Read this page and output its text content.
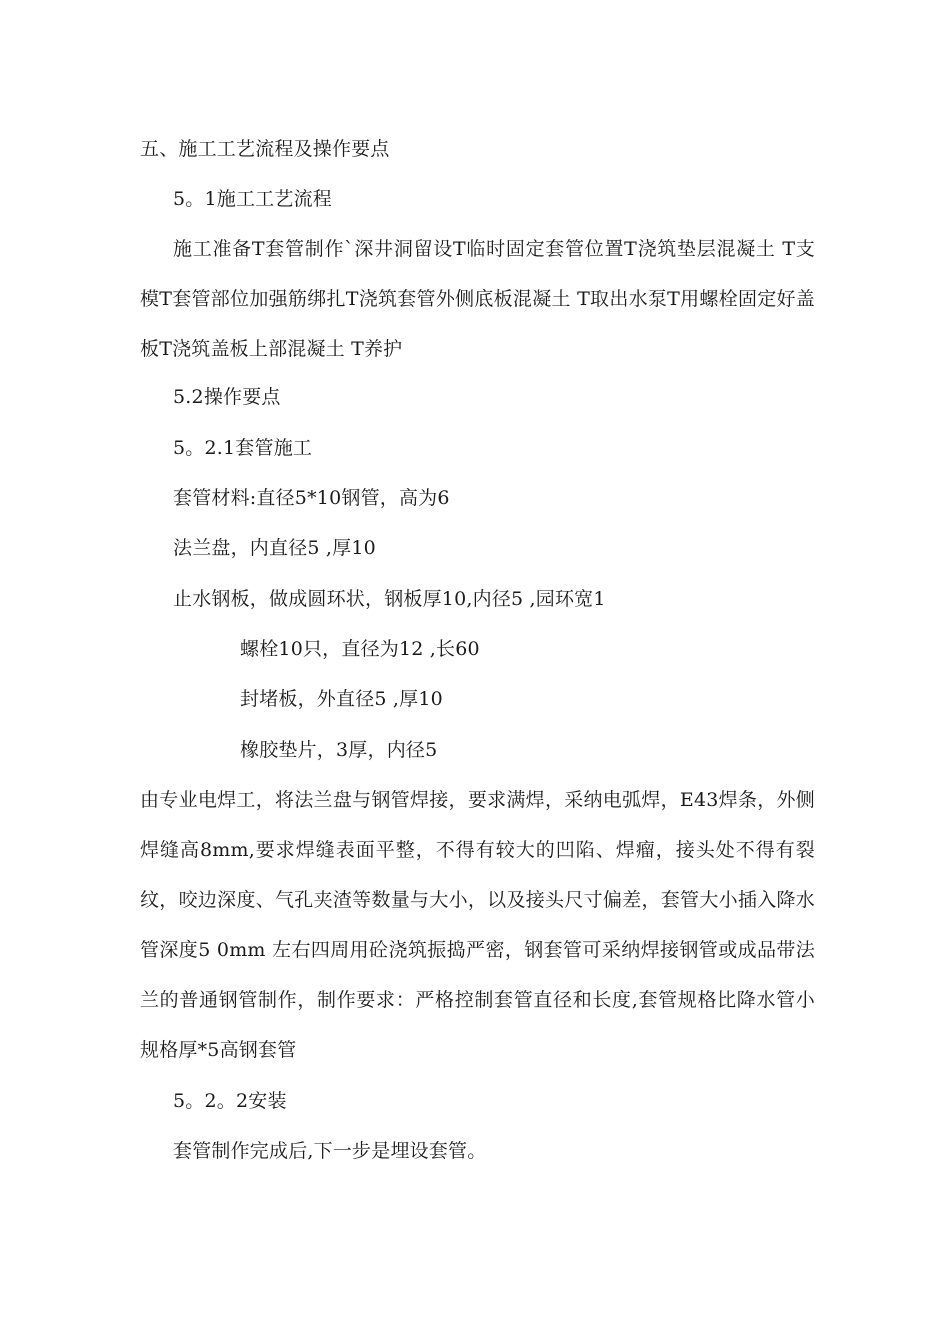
五、施工工艺流程及操作要点
5。1施工工艺流程
施工准备T套管制作`深井洞留设T临时固定套管位置T浇筑垫层混凝土 T支模T套管部位加强筋绑扎T浇筑套管外侧底板混凝土 T取出水泵T用螺栓固定好盖板T浇筑盖板上部混凝土 T养护
5.2操作要点
5。2.1套管施工
套管材料:直径5*10钢管，高为6
法兰盘，内直径5 ,厚10
止水钢板，做成圆环状，钢板厚10,内径5 ,园环宽1
螺栓10只，直径为12 ,长60
封堵板，外直径5 ,厚10
橡胶垫片，3厚，内径5
由专业电焊工，将法兰盘与钢管焊接，要求满焊，采纳电弧焊，E43焊条，外侧焊缝高8mm,要求焊缝表面平整，不得有较大的凹陷、焊瘤，接头处不得有裂纹，咬边深度、气孔夹渣等数量与大小，以及接头尺寸偏差，套管大小插入降水管深度5 0mm 左右四周用砼浇筑振捣严密，钢套管可采纳焊接钢管或成品带法兰的普通钢管制作，制作要求：严格控制套管直径和长度,套管规格比降水管小规格厚*5高钢套管
5。2。2安装
套管制作完成后,下一步是埋设套管。
